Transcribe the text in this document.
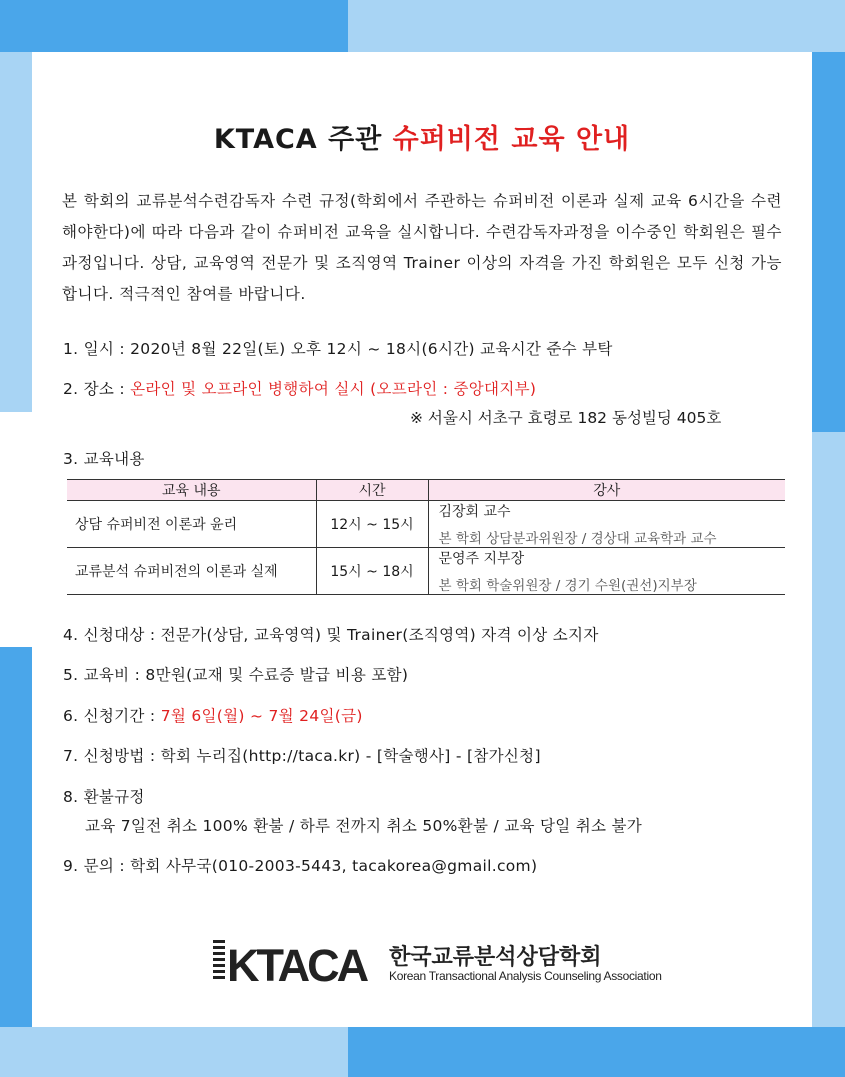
KTACA 주관 슈퍼비전 교육 안내
본 학회의 교류분석수련감독자 수련 규정(학회에서 주관하는 슈퍼비전 이론과 실제 교육 6시간을 수련해야한다)에 따라 다음과 같이 슈퍼비전 교육을 실시합니다. 수련감독자과정을 이수중인 학회원은 필수 과정입니다. 상담, 교육영역 전문가 및 조직영역 Trainer 이상의 자격을 가진 학회원은 모두 신청 가능합니다. 적극적인 참여를 바랍니다.
1. 일시 : 2020년 8월 22일(토) 오후 12시 ~ 18시(6시간) 교육시간 준수 부탁
2. 장소 : 온라인 및 오프라인 병행하여 실시 (오프라인 : 중앙대지부)
※ 서울시 서초구 효령로 182 동성빌딩 405호
3. 교육내용
교육 내용	시간	강사
상담 슈퍼비전 이론과 윤리	12시 ~ 15시	김장회 교수
본 학회 상담분과위원장 / 경상대 교육학과 교수

교류분석 슈퍼비전의 이론과 실제	15시 ~ 18시	문영주 지부장
본 학회 학술위원장 / 경기 수원(권선)지부장
4. 신청대상 : 전문가(상담, 교육영역) 및 Trainer(조직영역) 자격 이상 소지자
5. 교육비 : 8만원(교재 및 수료증 발급 비용 포함)
6. 신청기간 : 7월 6일(월) ~ 7월 24일(금)
7. 신청방법 : 학회 누리집(http://taca.kr) - [학술행사] - [참가신청]
8. 환불규정
교육 7일전 취소 100% 환불 / 하루 전까지 취소 50%환불 / 교육 당일 취소 불가
9. 문의 : 학회 사무국(010-2003-5443, tacakorea@gmail.com)
KTACA 한국교류분석상담학회
Korean Transactional Analysis Counseling Association
